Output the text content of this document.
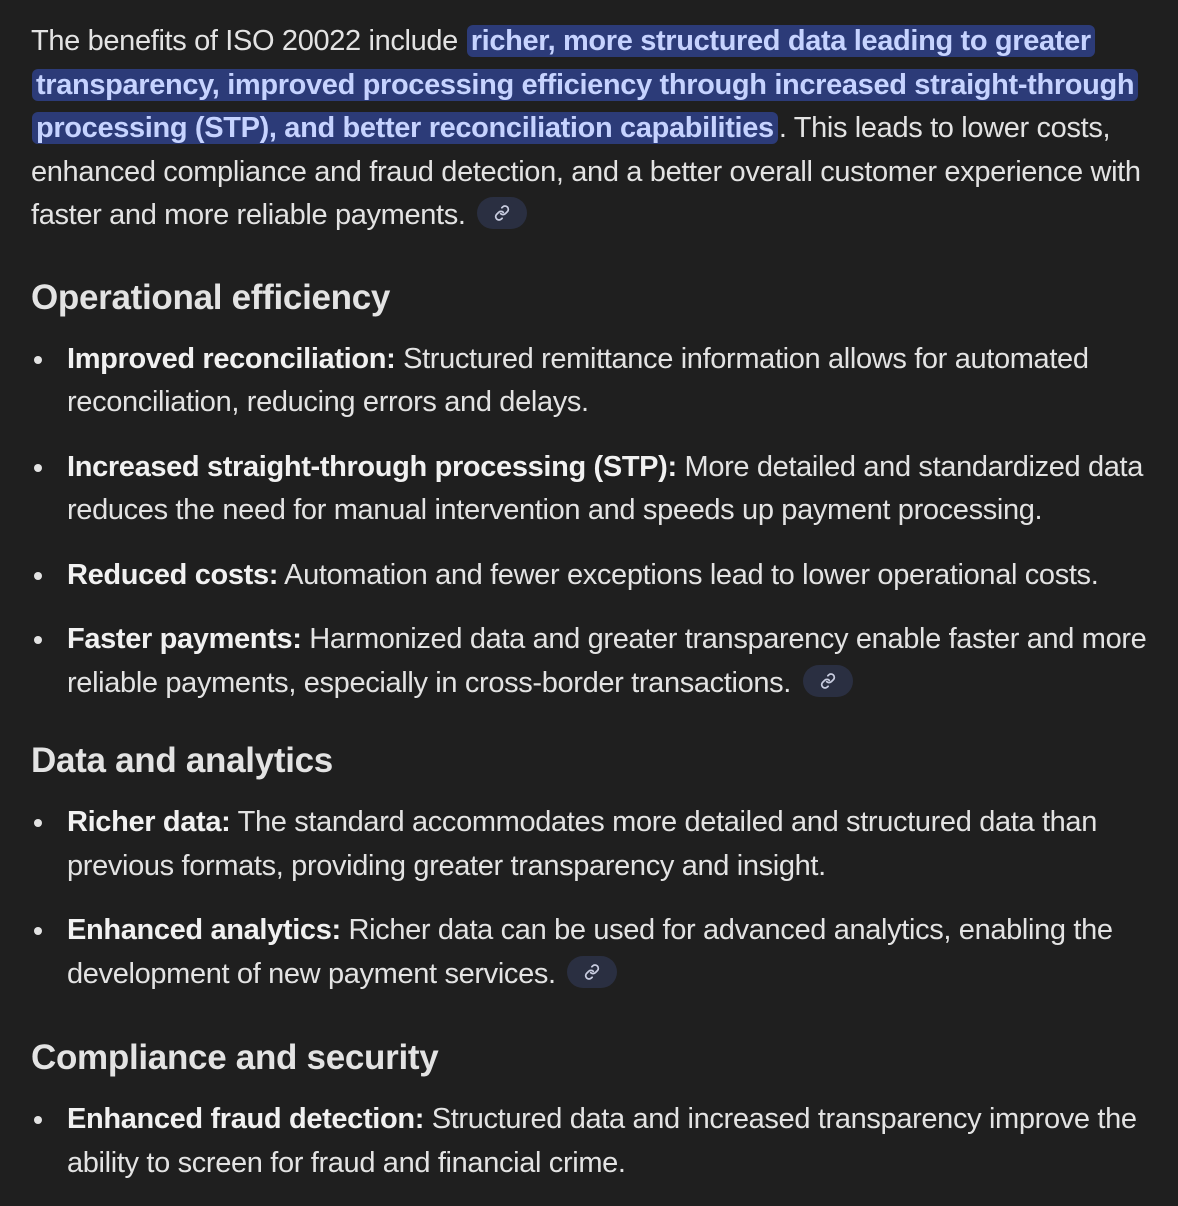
The benefits of ISO 20022 include richer, more structured data leading to greater transparency, improved processing efficiency through increased straight-through processing (STP), and better reconciliation capabilities . This leads to lower costs, enhanced compliance and fraud detection, and a better overall customer experience with faster and more reliable payments.

Operational efficiency
Improved reconciliation: Structured remittance information allows for automated reconciliation, reducing errors and delays.
Increased straight-through processing (STP): More detailed and standardized data reduces the need for manual intervention and speeds up payment processing.
Reduced costs: Automation and fewer exceptions lead to lower operational costs.
Faster payments: Harmonized data and greater transparency enable faster and more reliable payments, especially in cross-border transactions.
Data and analytics
Richer data: The standard accommodates more detailed and structured data than previous formats, providing greater transparency and insight.
Enhanced analytics: Richer data can be used for advanced analytics, enabling the development of new payment services.
Compliance and security
Enhanced fraud detection: Structured data and increased transparency improve the ability to screen for fraud and financial crime.
